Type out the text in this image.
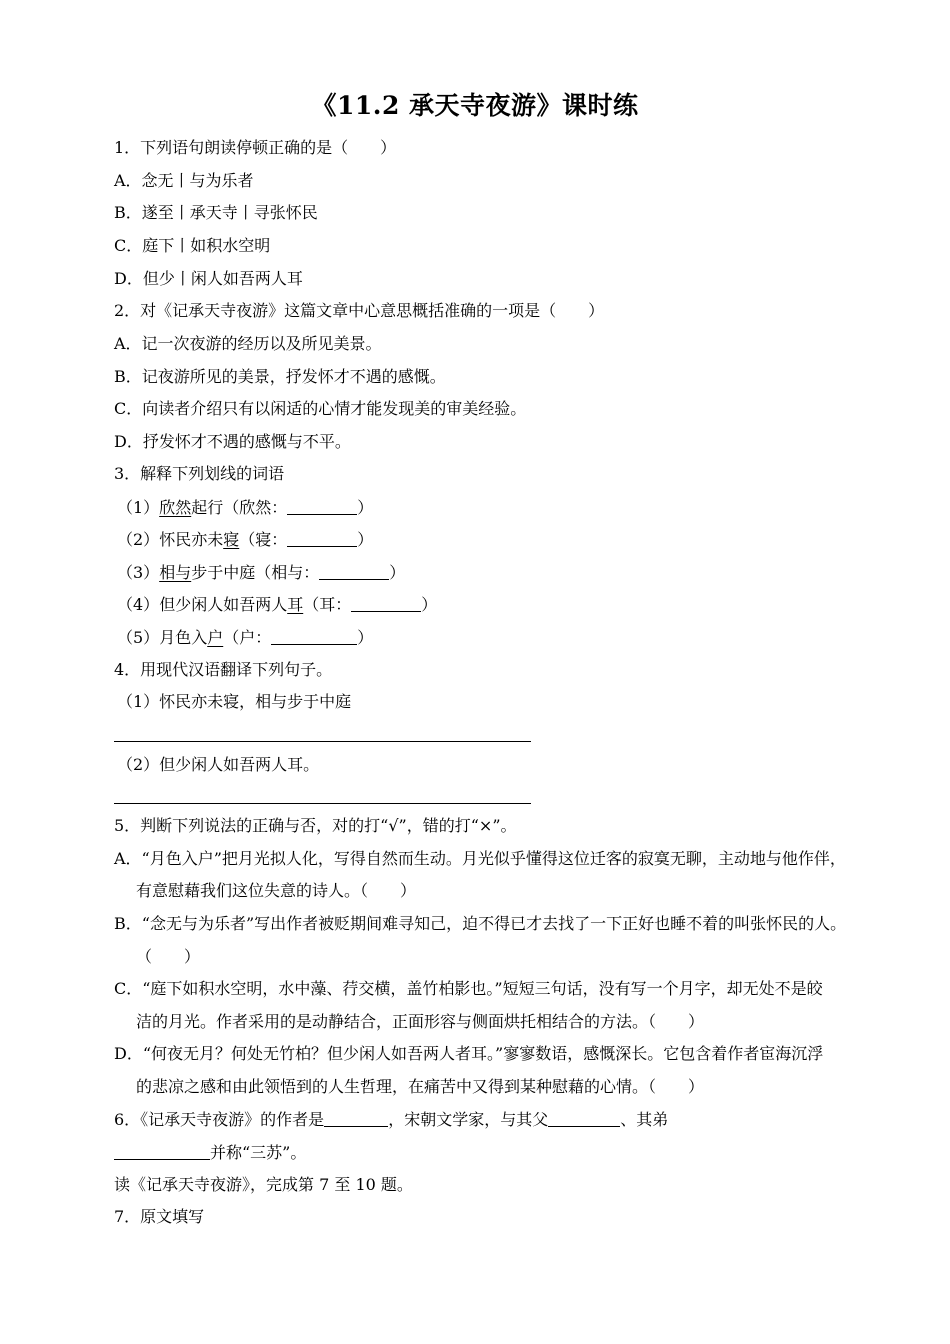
《11.2 承天寺夜游》课时练
1．下列语句朗读停顿正确的是（　　）
A．念无丨与为乐者
B．遂至丨承天寺丨寻张怀民
C．庭下丨如积水空明
D．但少丨闲人如吾两人耳
2．对《记承天寺夜游》这篇文章中心意思概括准确的一项是（　　）
A．记一次夜游的经历以及所见美景。
B．记夜游所见的美景，抒发怀才不遇的感慨。
C．向读者介绍只有以闲适的心情才能发现美的审美经验。
D．抒发怀才不遇的感慨与不平。
3．解释下列划线的词语
（1）欣然起行（欣然：	）
（2）怀民亦未寝（寝：	）
（3）相与步于中庭（相与：	）
（4）但少闲人如吾两人耳（耳：	）
（5）月色入户（户：	）
4．用现代汉语翻译下列句子。
（1）怀民亦未寝，相与步于中庭
（2）但少闲人如吾两人耳。
5．判断下列说法的正确与否，对的打“√”，错的打“×”。
A．“月色入户”把月光拟人化，写得自然而生动。月光似乎懂得这位迁客的寂寞无聊，主动地与他作伴，
有意慰藉我们这位失意的诗人。（　　）
B．“念无与为乐者”写出作者被贬期间难寻知己，迫不得已才去找了一下正好也睡不着的叫张怀民的人。
（　　）
C．“庭下如积水空明，水中藻、荇交横，盖竹柏影也。”短短三句话，没有写一个月字，却无处不是皎
洁的月光。作者采用的是动静结合，正面形容与侧面烘托相结合的方法。（　　）
D．“何夜无月？何处无竹柏？但少闲人如吾两人者耳。”寥寥数语，感慨深长。它包含着作者宦海沉浮
的悲凉之感和由此领悟到的人生哲理，在痛苦中又得到某种慰藉的心情。（　　）
6．《记承天寺夜游》的作者是	，宋朝文学家，与其父	、其弟
并称“三苏”。
读《记承天寺夜游》，完成第 7 至 10 题。
7．原文填写
